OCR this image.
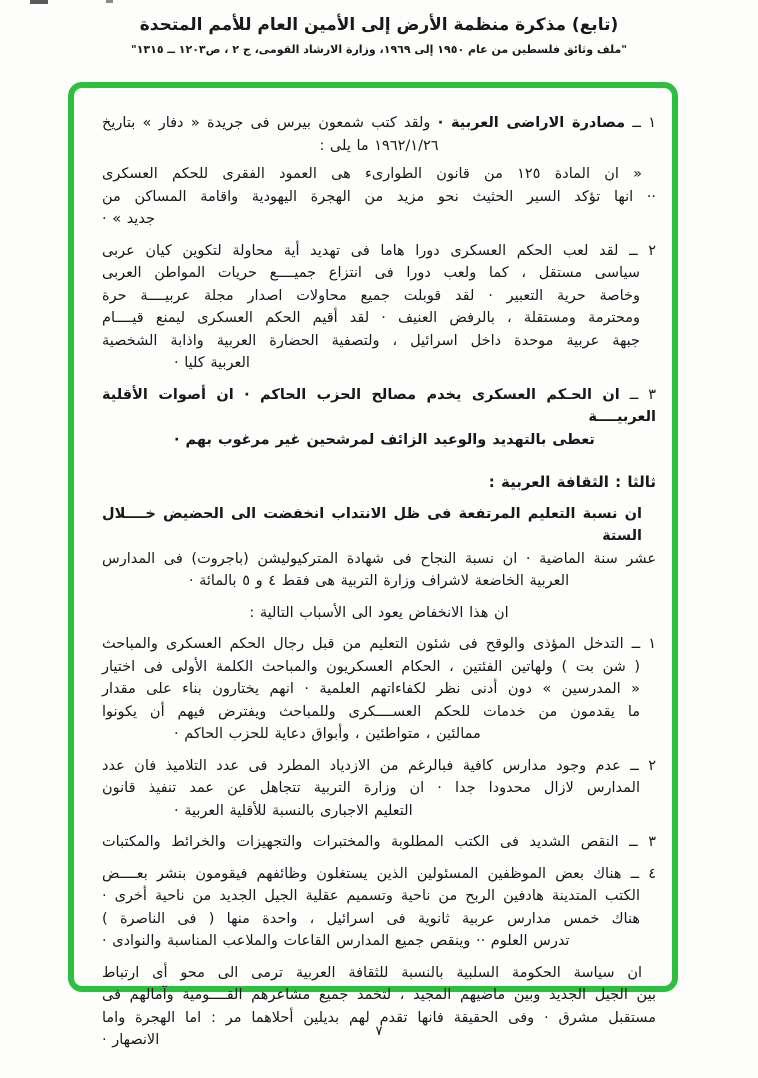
(تابع) مذكرة منظمة الأرض إلى الأمين العام للأمم المتحدة
"ملف وثائق فلسطين من عام ١٩٥٠ إلى ١٩٦٩، وزارة الارشاد القومى، ج ٢ ، ص١٢٠٣ ــ ١٣١٥"
١ ــ مصادرة الاراضى العربية · ولقد كتب شمعون بيرس فى جريدة « دفار » بتاريخ
١٩٦٢/١/٢٦ ما يلى :
« ان المادة ١٢٥ من قانون الطوارىء هى العمود الفقرى للحكم العسكرى
·· انها تؤكد السير الحثيث نحو مزيد من الهجرة اليهودية واقامة المساكن من
جديد » ·
٢ ــ لقد لعب الحكم العسكرى دورا هاما فى تهديد أية محاولة لتكوين كيان عربى
سياسى مستقل ، كما ولعب دورا فى انتزاع جميــــع حريات المواطن العربى
وخاصة حرية التعبير · لقد قوبلت جميع محاولات اصدار مجلة عربيــــة حرة
ومحترمة ومستقلة ، بالرفض العنيف · لقد أقيم الحكم العسكرى ليمنع قيــــام
جبهة عربية موحدة داخل اسرائيل ، ولتصفية الحضارة العربية واذابة الشخصية
العربية كليا ·
٣ ــ ان الحـكم العسكرى يخدم مصالح الحزب الحاكم · ان أصوات الأقلية العربيــــة
تعطى بالتهديد والوعيد الزائف لمرشحين غير مرغوب بهم ·
ثالثا : الثقافة العربية :
ان نسبة التعليم المرتفعة فى ظل الانتداب انخفضت الى الحضيض خــــلال الستة
عشر سنة الماضية · ان نسبة النجاح فى شهادة المتركيوليشن (باجروت) فى المدارس
العربية الخاضعة لاشراف وزارة التربية هى فقط ٤ و ٥ بالمائة ·
ان هذا الانخفاض يعود الى الأسباب التالية :
١ ــ التدخل المؤذى والوقح فى شئون التعليم من قبل رجال الحكم العسكرى والمباحث
( شن بت ) ولهاتين الفئتين ، الحكام العسكريون والمباحث الكلمة الأولى فى اختيار
« المدرسين » دون أدنى نظر لكفاءاتهم العلمية · انهم يختارون بناء على مقدار
ما يقدمون من خدمات للحكم العســــكرى وللمباحث ويفترض فيهم أن يكونوا
ممالئين ، متواطئين ، وأبواق دعاية للحزب الحاكم ·
٢ ــ عدم وجود مدارس كافية فبالرغم من الازدياد المطرد فى عدد التلاميذ فان عدد
المدارس لازال محدودا جدا · ان وزارة التربية تتجاهل عن عمد تنفيذ قانون
التعليم الاجبارى بالنسبة للأقلية العربية ·
٣ ــ النقص الشديد فى الكتب المطلوبة والمختبرات والتجهيزات والخرائط والمكتبات
٤ ــ هناك بعض الموظفين المسئولين الذين يستغلون وظائفهم فيقومون بنشر بعــــض
الكتب المتدينة هادفين الربح من ناحية وتسميم عقلية الجيل الجديد من ناحية أخرى ·
هناك خمس مدارس عربية ثانوية فى اسرائيل ، واحدة منها ( فى الناصرة )
تدرس العلوم ·· وينقص جميع المدارس القاعات والملاعب المناسبة والنوادى ·
ان سياسة الحكومة السلبية بالنسبة للثقافة العربية ترمى الى محو أى ارتباط
بين الجيل الجديد وبين ماضيهم المجيد ، لتخمد جميع مشاعرهم القــــومية وآمالهم فى
مستقبل مشرق · وفى الحقيقة فانها تقدم لهم بديلين أحلاهما مر : اما الهجرة واما
الانصهار ·
٧
